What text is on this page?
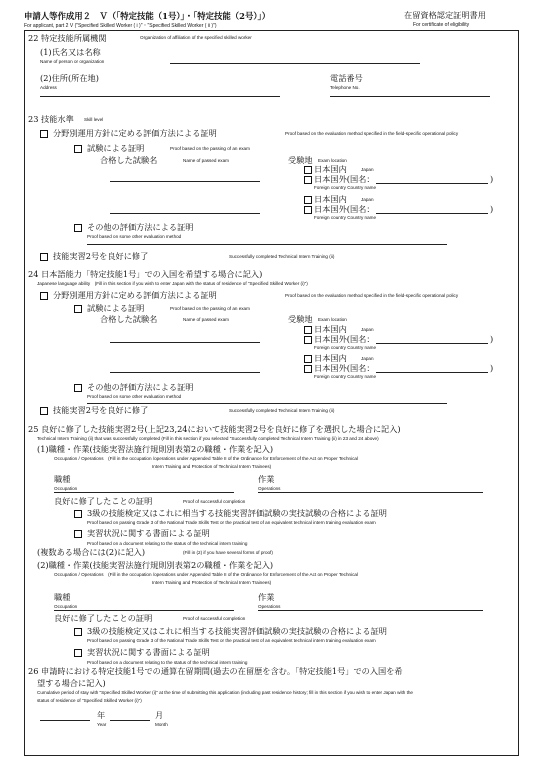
申請人等作成用２　Ｖ（「特定技能（1号）」・「特定技能（2号）」）
For applicant, part 2 V ("Specified Skilled Worker ( i )"・"Specified Skilled Worker ( ii )")
在留資格認定証明書用
For certificate of eligibility
22 特定技能所属機関	Organization of affiliation of the specified skilled worker
(1)氏名又は名称
Name of person or organization
(2)住所(所在地)
Address
電話番号
Telephone No.
23 技能水準 Skill level
分野別運用方針に定める評価方法による証明	Proof based on the evaluation method specified in the field-specific operational policy
試験による証明	Proof based on the passing of an exam
合格した試験名	Name of passed exam	受験地 Exam location
日本国内	Japan
日本国外(国名：	)
Foreign country Country name
日本国内	Japan
日本国外(国名：	)
Foreign country Country name
その他の評価方法による証明
Proof based on some other evaluation method
技能実習2号を良好に修了	Successfully completed Technical Intern Training (ii)
24 日本語能力「特定技能1号」での入国を希望する場合に記入)
Japanese language ability　(Fill in this section if you wish to enter Japan with the status of residence of "Specified Skilled Worker (i)")
分野別運用方針に定める評価方法による証明	Proof based on the evaluation method specified in the field-specific operational policy
試験による証明	Proof based on the passing of an exam
合格した試験名	Name of passed exam	受験地 Exam location
日本国内	Japan
日本国外(国名：	)
Foreign country Country name
日本国内	Japan
日本国外(国名：	)
Foreign country Country name
その他の評価方法による証明
Proof based on some other evaluation method
技能実習2号を良好に修了	Successfully completed Technical Intern Training (ii)
25 良好に修了した技能実習2号(上記23,24において技能実習2号を良好に修了を選択した場合に記入)
Technical Intern Training (ii) that was successfully completed (Fill in this section if you selected "Successfully completed Technical Intern Training (ii) in 23 and 24 above)
(1)職種・作業(技能実習法施行規則別表第2の職種・作業を記入)
Occupation / Operations　(Fill in the occupation /operations under Appended Table II of the Ordinance for Enforcement of the Act on Proper Technical
Intern Training and Protection of Technical Intern Trainees)
職種
Occupation
作業
Operations
良好に修了したことの証明	Proof of successful completion
3級の技能検定又はこれに相当する技能実習評価試験の実技試験の合格による証明
Proof based on passing Grade 3 of the National Trade Skills Test or the practical test of an equivalent technical intern training evaluation exam
実習状況に関する書面による証明
Proof based on a document relating to the status of the technical intern training
(複数ある場合には(2)に記入)	(Fill in (2) if you have several forms of proof)
(2)職種・作業(技能実習法施行規則別表第2の職種・作業を記入)
Occupation / Operations　(Fill in the occupation /operations under Appended Table II of the Ordinance for Enforcement of the Act on Proper Technical
Intern Training and Protection of Technical Intern Trainees)
職種
Occupation
作業
Operations
良好に修了したことの証明	Proof of successful completion
3級の技能検定又はこれに相当する技能実習評価試験の実技試験の合格による証明
Proof based on passing Grade 3 of the National Trade Skills Test or the practical test of an equivalent technical intern training evaluation exam
実習状況に関する書面による証明
Proof based on a document relating to the status of the technical intern training
26 申請時における特定技能1号での通算在留期間(過去の在留歴を含む。「特定技能1号」での入国を希
望する場合に記入)
Cumulative period of stay with "Specified Skilled Worker (i)" at the time of submitting this application (including past residence history; fill in this section if you wish to enter Japan with the
status of residence of "Specified Skilled Worker (i)")
年
Year
月
Month
